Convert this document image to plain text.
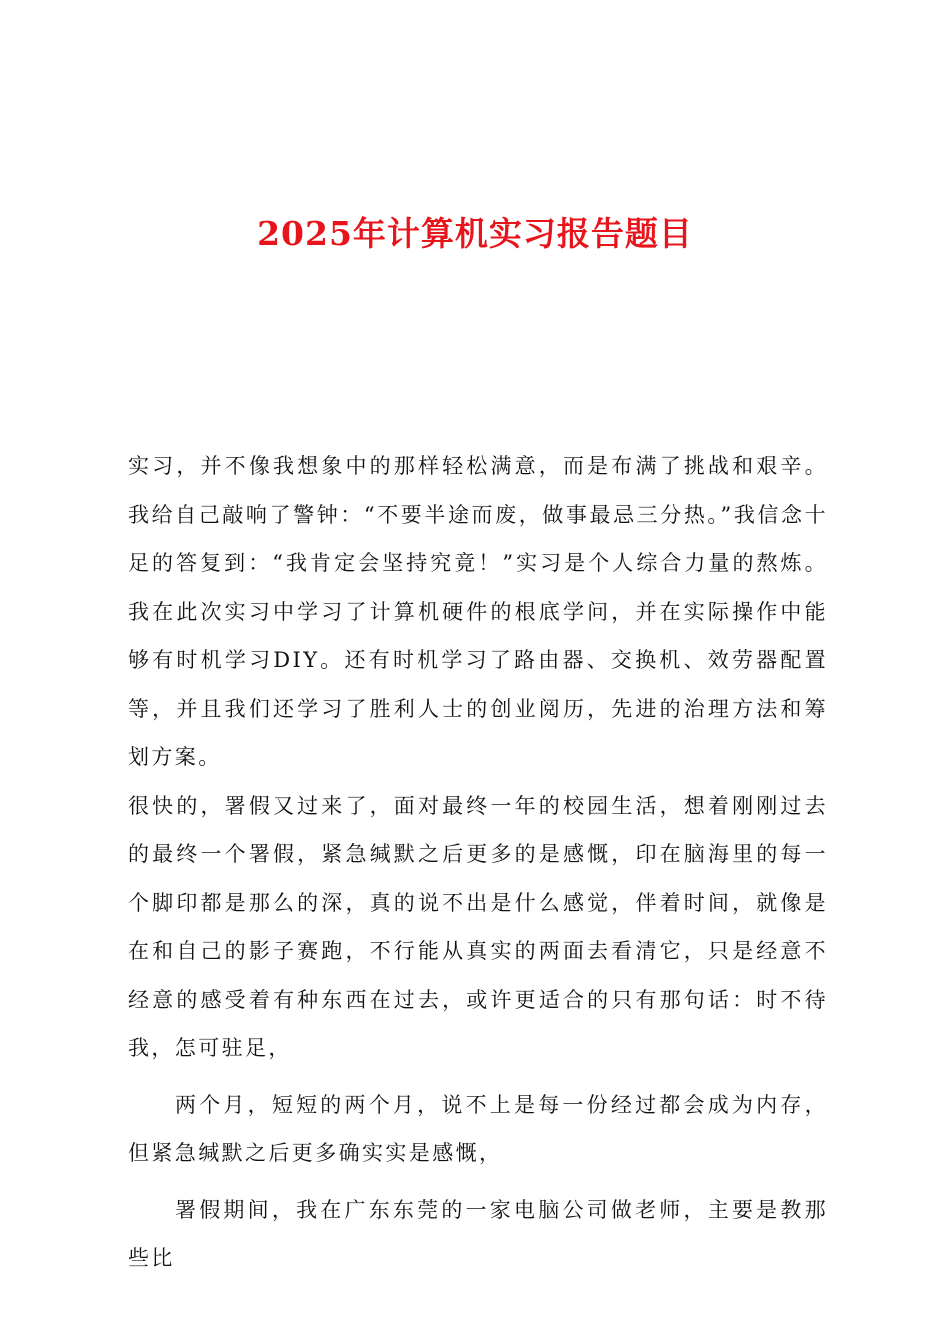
2025年计算机实习报告题目

实习，并不像我想象中的那样轻松满意，而是布满了挑战和艰辛。我给自己敲响了警钟：“不要半途而废，做事最忌三分热。”我信念十足的答复到：“我肯定会坚持究竟！”实习是个人综合力量的熬炼。我在此次实习中学习了计算机硬件的根底学问，并在实际操作中能够有时机学习DIY。还有时机学习了路由器、交换机、效劳器配置等，并且我们还学习了胜利人士的创业阅历，先进的治理方法和筹划方案。

很快的，署假又过来了，面对最终一年的校园生活，想着刚刚过去的最终一个署假，紧急缄默之后更多的是感慨，印在脑海里的每一个脚印都是那么的深，真的说不出是什么感觉，伴着时间，就像是在和自己的影子赛跑，不行能从真实的两面去看清它，只是经意不经意的感受着有种东西在过去，或许更适合的只有那句话：时不待我，怎可驻足，

两个月，短短的两个月，说不上是每一份经过都会成为内存，但紧急缄默之后更多确实实是感慨，

署假期间，我在广东东莞的一家电脑公司做老师，主要是教那些比
